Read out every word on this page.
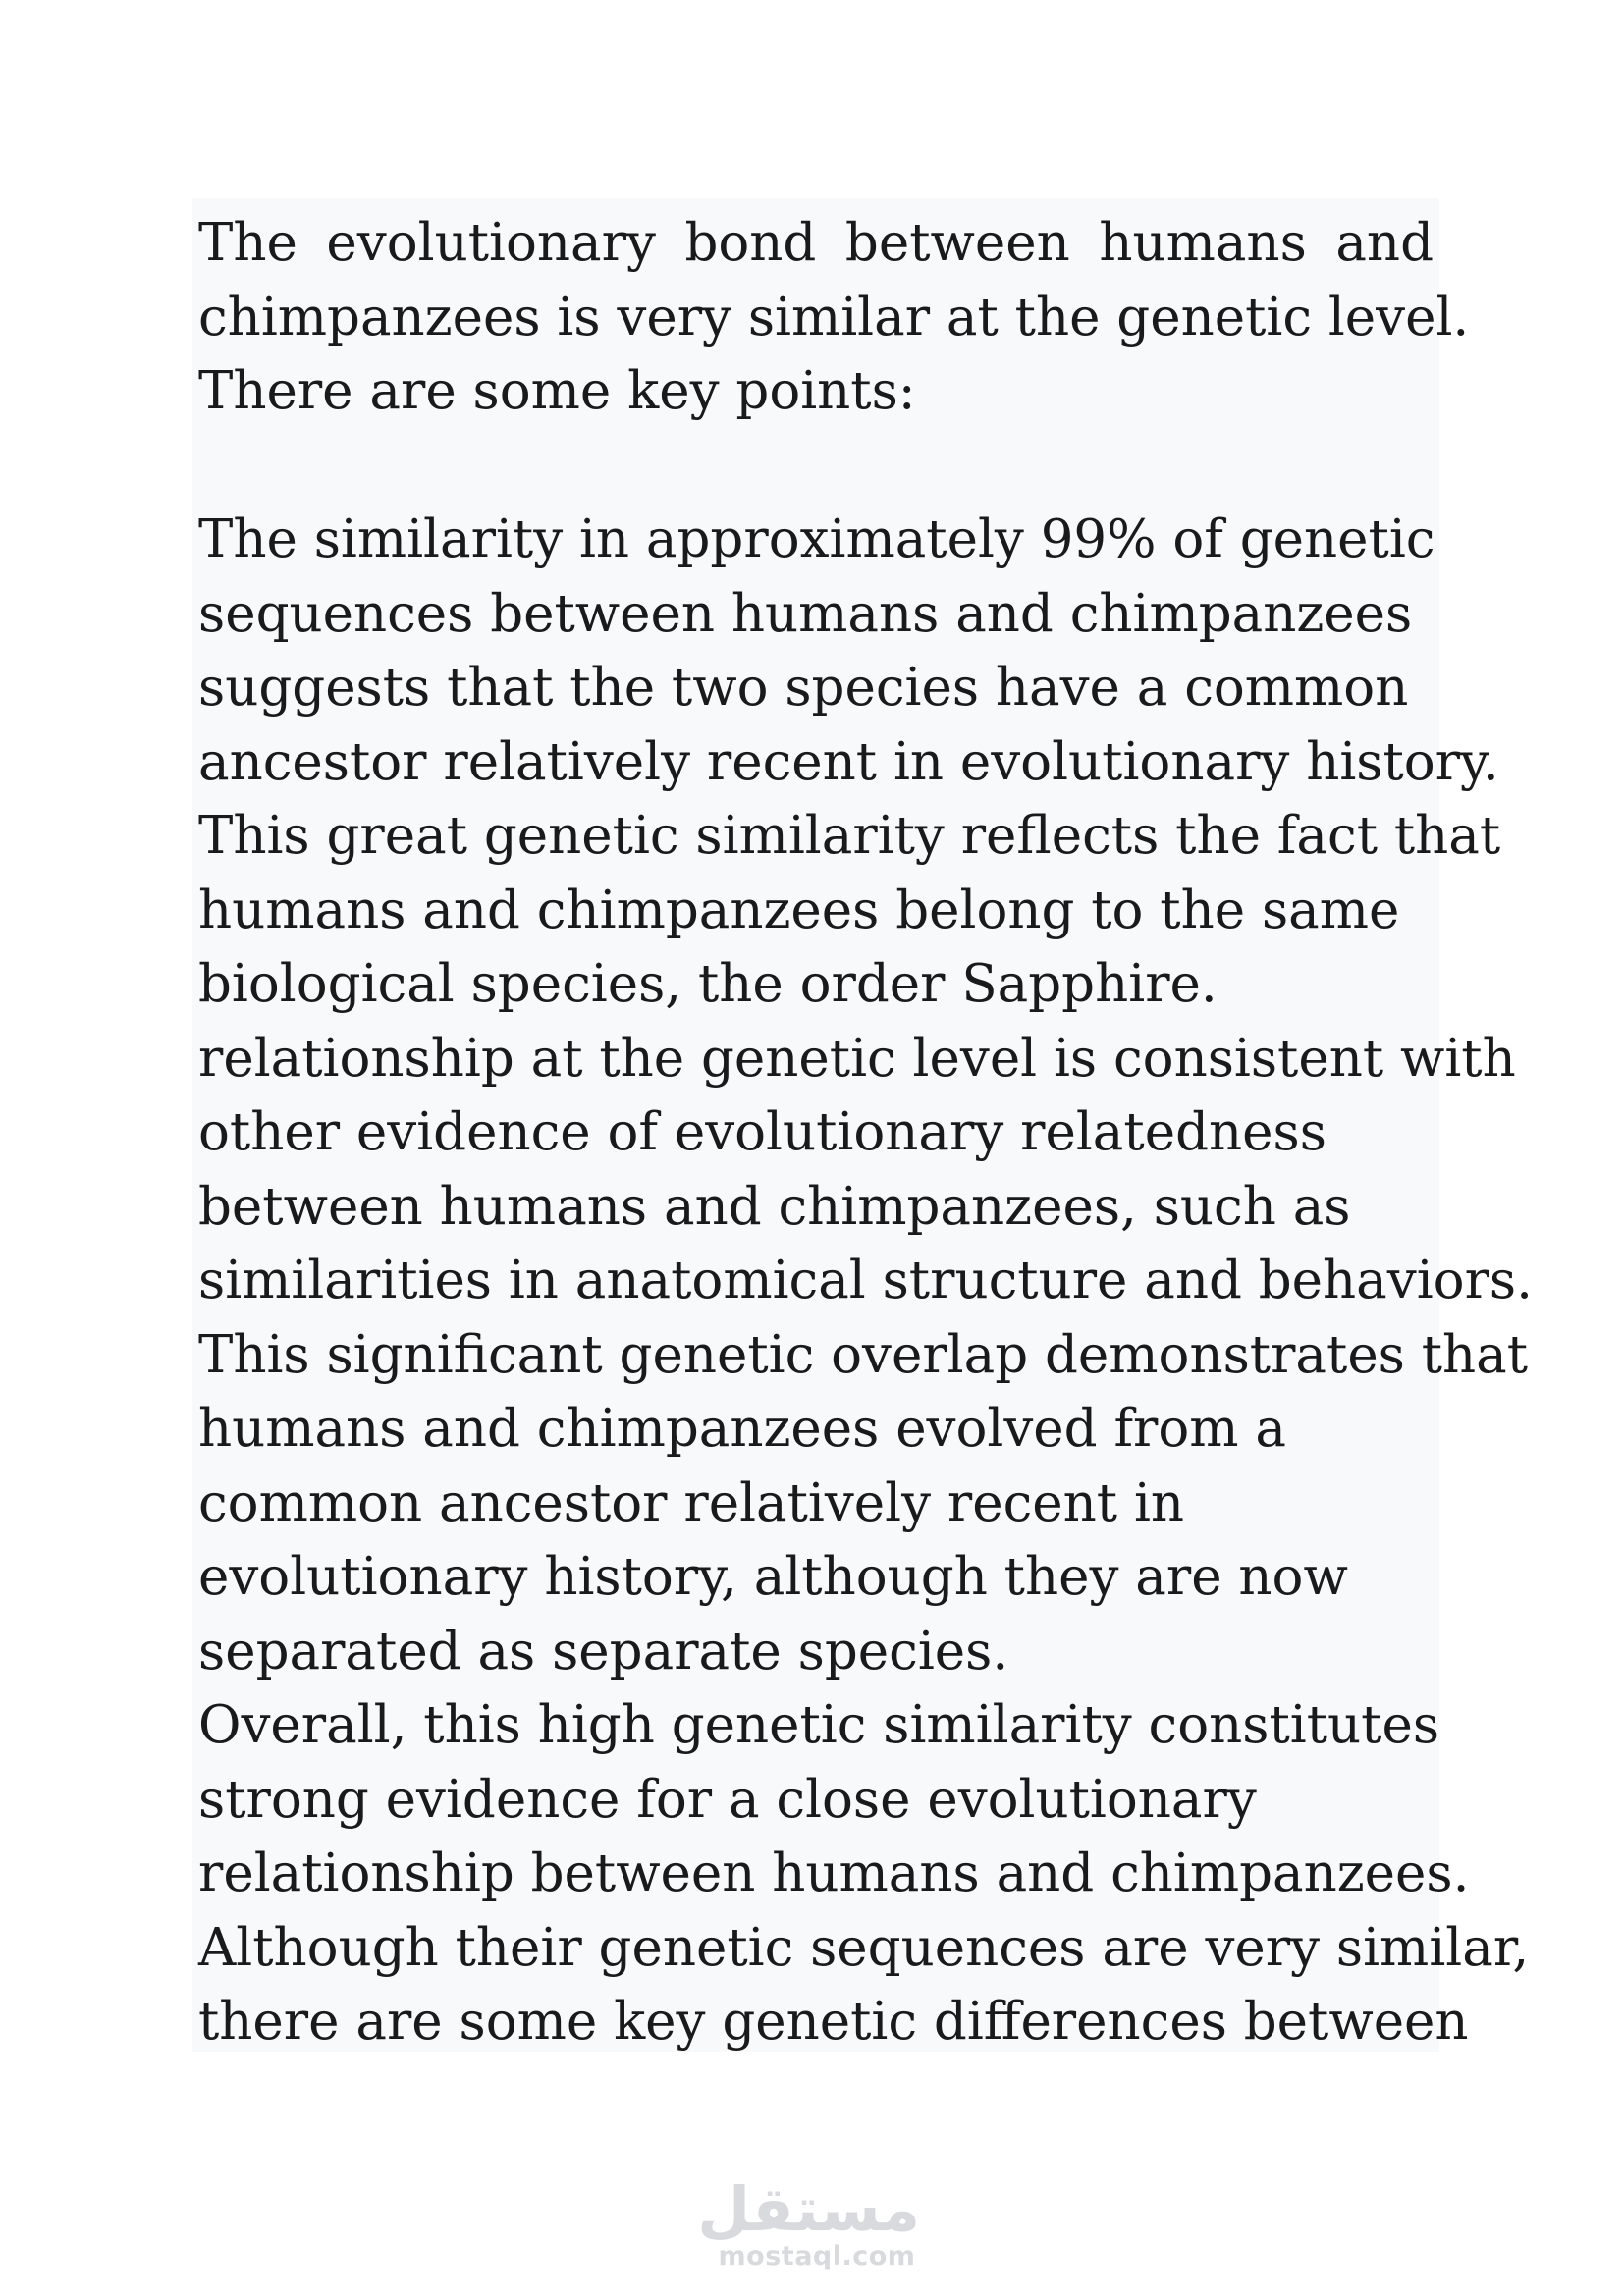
The evolutionary bond between humans and
chimpanzees is very similar at the genetic level.
There are some key points:
The similarity in approximately 99% of genetic
sequences between humans and chimpanzees
suggests that the two species have a common
ancestor relatively recent in evolutionary history.
This great genetic similarity reflects the fact that
humans and chimpanzees belong to the same
biological species, the order Sapphire.
relationship at the genetic level is consistent with
other evidence of evolutionary relatedness
between humans and chimpanzees, such as
similarities in anatomical structure and behaviors.
This significant genetic overlap demonstrates that
humans and chimpanzees evolved from a
common ancestor relatively recent in
evolutionary history, although they are now
separated as separate species.
Overall, this high genetic similarity constitutes
strong evidence for a close evolutionary
relationship between humans and chimpanzees.
Although their genetic sequences are very similar,
there are some key genetic differences between
مستقل
mostaql.com
